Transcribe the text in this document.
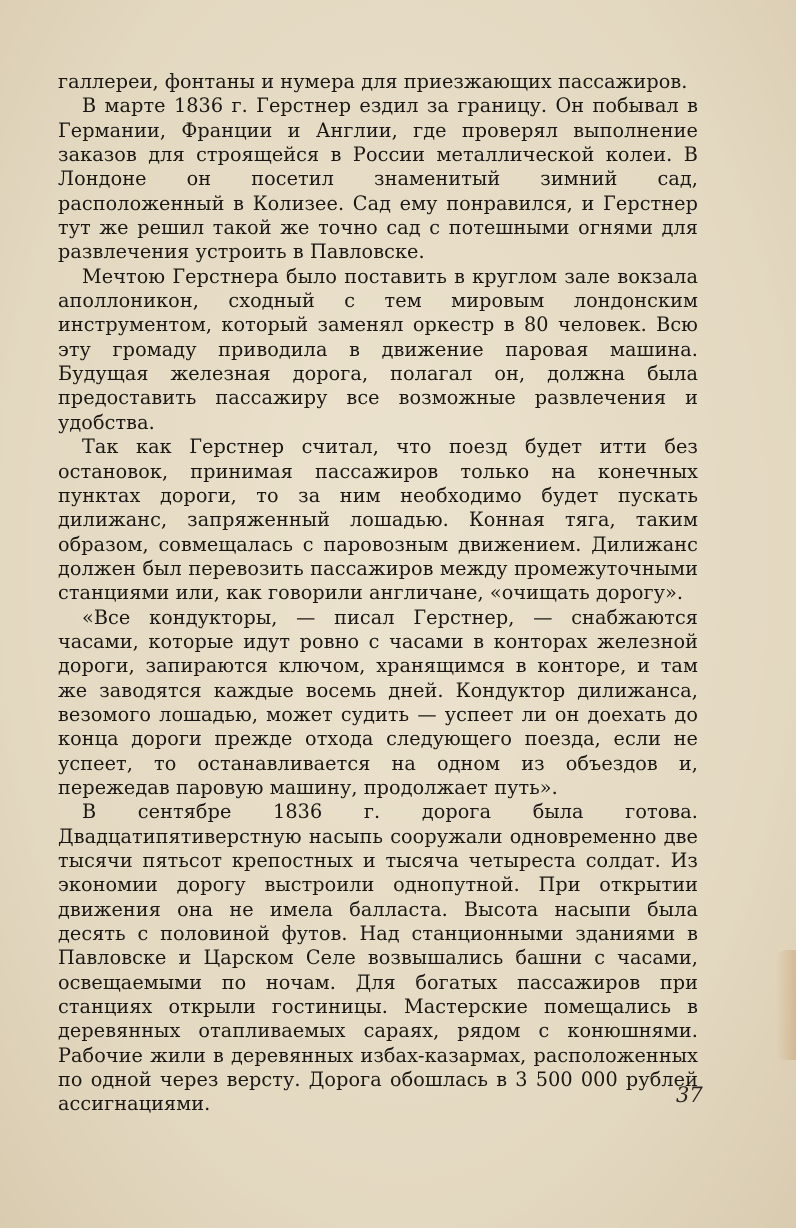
галлереи, фонтаны и нумера для приезжающих пассажиров.

В марте 1836 г. Герстнер ездил за границу. Он побывал в Германии, Франции и Англии, где проверял выполнение заказов для строящейся в России металлической колеи. В Лондоне он посетил знаменитый зимний сад, расположенный в Колизее. Сад ему понравился, и Герстнер тут же решил такой же точно сад с потешными огнями для развлечения устроить в Павловске.

Мечтою Герстнера было поставить в круглом зале вокзала аполлоникон, сходный с тем мировым лондонским инструментом, который заменял оркестр в 80 человек. Всю эту громаду приводила в движение паровая машина. Будущая железная дорога, полагал он, должна была предоставить пассажиру все возможные развлечения и удобства.

Так как Герстнер считал, что поезд будет итти без остановок, принимая пассажиров только на конечных пунктах дороги, то за ним необходимо будет пускать дилижанс, запряженный лошадью. Конная тяга, таким образом, совмещалась с паровозным движением. Дилижанс должен был перевозить пассажиров между промежуточными станциями или, как говорили англичане, «очищать дорогу».

«Все кондукторы, — писал Герстнер, — снабжаются часами, которые идут ровно с часами в конторах железной дороги, запираются ключом, хранящимся в конторе, и там же заводятся каждые восемь дней. Кондуктор дилижанса, везомого лошадью, может судить — успеет ли он доехать до конца дороги прежде отхода следующего поезда, если не успеет, то останавливается на одном из объездов и, пережедав паровую машину, продолжает путь».

В сентябре 1836 г. дорога была готова. Двадцатипятиверстную насыпь сооружали одновременно две тысячи пятьсот крепостных и тысяча четыреста солдат. Из экономии дорогу выстроили однопутной. При открытии движения она не имела балласта. Высота насыпи была десять с половиной футов. Над станционными зданиями в Павловске и Царском Селе возвышались башни с часами, освещаемыми по ночам. Для богатых пассажиров при станциях открыли гостиницы. Мастерские помещались в деревянных отапливаемых сараях, рядом с конюшнями. Рабочие жили в деревянных избах-казармах, расположенных по одной через версту. Дорога обошлась в 3 500 000 рублей ассигнациями.	37
